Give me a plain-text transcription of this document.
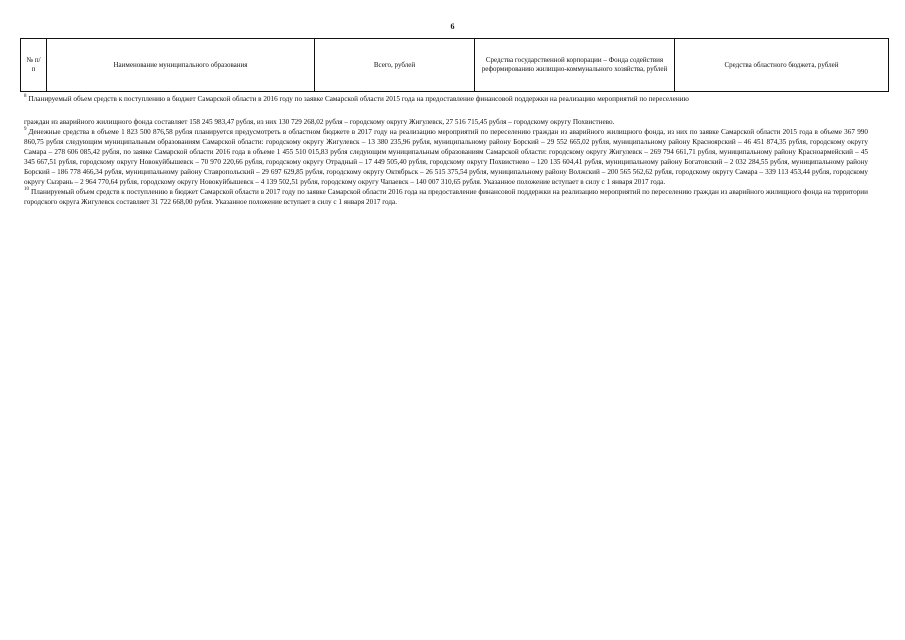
6
№ п/п	Наименование муниципального образования	Всего, рублей	Средства государственной корпорации – Фонда содействия реформированию жилищно-коммунального хозяйства, рублей	Средства областного бюджета, рублей

$^8$ Планируемый объем средств к поступлению в бюджет Самарской области в 2016 году по заявке Самарской области 2015 года на предоставление финансовой поддержки на реализацию мероприятий по переселению

граждан из аварийного жилищного фонда составляет 158 245 983,47 рубля, из них 130 729 268,02 рубля – городскому округу Жигулевск, 27 516 715,45 рубля – городскому округу Похвистнево.

$^9$ Денежные средства в объеме 1 823 500 876,58 рубля планируется предусмотреть в областном бюджете в 2017 году на реализацию мероприятий по переселению граждан из аварийного жилищного фонда, из них по заявке Самарской области 2015 года в объеме 367 990 860,75 рубля следующим муниципальным образованиям Самарской области: городскому округу Жигулевск – 13 380 235,96 рубля, муниципальному району Борский – 29 552 665,02 рубля, муниципальному району Красноярский – 46 451 874,35 рубля, городскому округу Самара – 278 606 085,42 рубля, по заявке Самарской области 2016 года в объеме 1 455 510 015,83 рубля следующим муниципальным образованиям Самарской области: городскому округу Жигулевск – 269 794 661,71 рубля, муниципальному району Красноармейский – 45 345 667,51 рубля, городскому округу Новокуйбышевск – 70 970 220,66 рубля, городскому округу Отрадный – 17 449 505,40 рубля, городскому округу Похвистнево – 120 135 604,41 рубля, муниципальному району Богатовский – 2 032 284,55 рубля, муниципальному району Борский – 186 778 466,34 рубля, муниципальному району Ставропольский – 29 697 629,85 рубля, городскому округу Октябрьск – 26 515 375,54 рубля, муниципальному району Волжский – 200 565 562,62 рубля, городскому округу Самара – 339 113 453,44 рубля, городскому округу Сызрань – 2 964 770,64 рубля, городскому округу Новокуйбышевск – 4 139 502,51 рубля, городскому округу Чапаевск – 140 007 310,65 рубля. Указанное положение вступает в силу с 1 января 2017 года.

$^{10}$ Планируемый объем средств к поступлению в бюджет Самарской области в 2017 году по заявке Самарской области 2016 года на предоставление финансовой поддержки на реализацию мероприятий по переселению граждан из аварийного жилищного фонда на территории городского округа Жигулевск составляет 31 722 668,00 рубля. Указанное положение вступает в силу с 1 января 2017 года.
